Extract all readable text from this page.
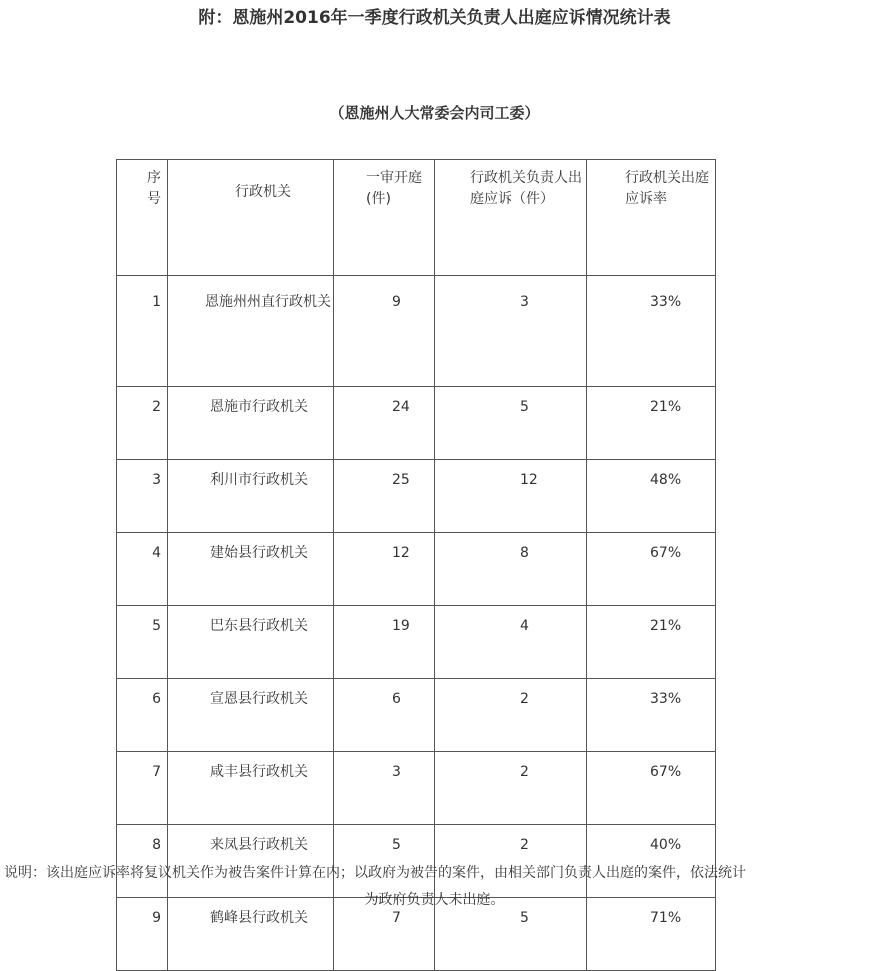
附：恩施州2016年一季度行政机关负责人出庭应诉情况统计表
（恩施州人大常委会内司工委）
序号	行政机关	一审开庭(件)	行政机关负责人出庭应诉（件）	行政机关出庭应诉率

1	恩施州州直行政机关	9	3	33%
2	恩施市行政机关	24	5	21%
3	利川市行政机关	25	12	48%
4	建始县行政机关	12	8	67%
5	巴东县行政机关	19	4	21%
6	宣恩县行政机关	6	2	33%
7	咸丰县行政机关	3	2	67%
8	来凤县行政机关	5	2	40%
9	鹤峰县行政机关	7	5	71%
说明：该出庭应诉率将复议机关作为被告案件计算在内；以政府为被告的案件，由相关部门负责人出庭的案件，依法统计
为政府负责人未出庭。
